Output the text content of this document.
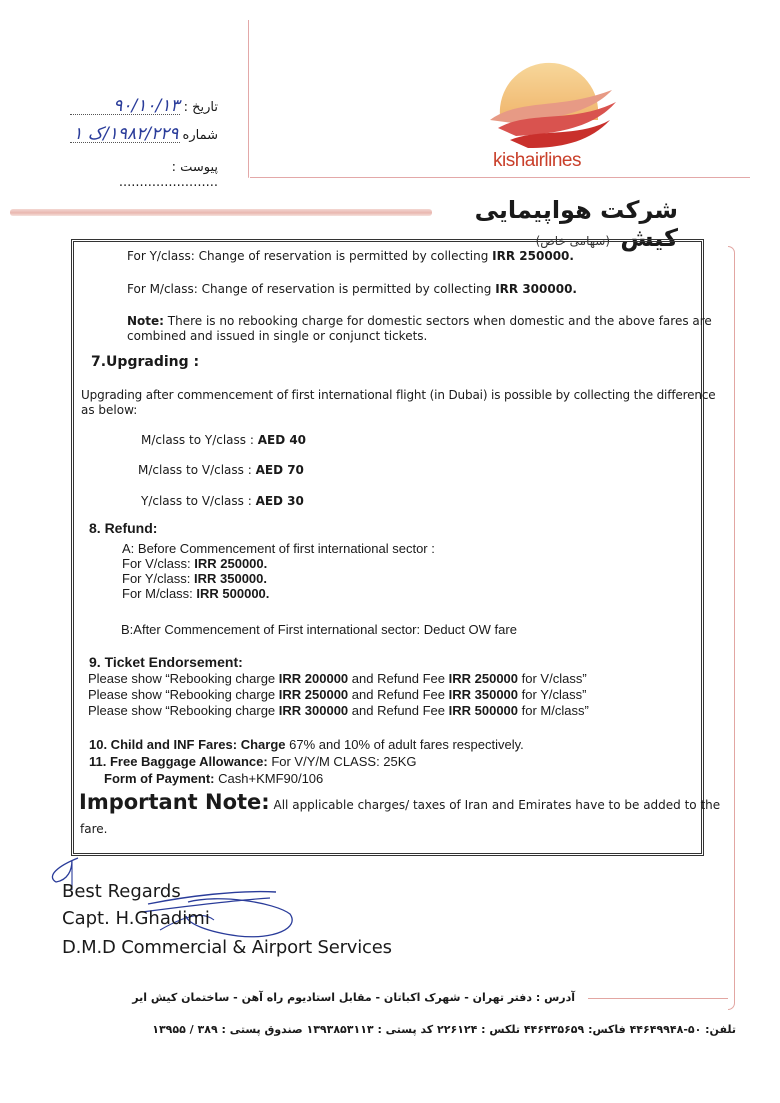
تاریخ : ۹۰/۱۰/۱۳
شماره ۱۹۸۲/۲۲۹/ک ۱
پیوست : ........................
kishairlines
شرکت هواپیمایی کیش
(سهامی خاص)
For Y/class: Change of reservation is permitted by collecting IRR 250000.
For M/class: Change of reservation is permitted by collecting IRR 300000.
Note: There is no rebooking charge for domestic sectors when domestic and the above fares are
combined and issued in single or conjunct tickets.
7.Upgrading :
Upgrading after commencement of first international flight (in Dubai) is possible by collecting the difference
as below:
M/class to Y/class : AED 40
M/class to V/class : AED 70
Y/class to V/class : AED 30
8. Refund:
A: Before Commencement of first international sector :
For V/class: IRR 250000.
For Y/class: IRR 350000.
For M/class: IRR 500000.
B:After Commencement of First international sector: Deduct OW fare
9. Ticket Endorsement:
Please show “Rebooking charge IRR 200000 and Refund Fee IRR 250000 for V/class”
Please show “Rebooking charge IRR 250000 and Refund Fee IRR 350000 for Y/class”
Please show “Rebooking charge IRR 300000 and Refund Fee IRR 500000 for M/class”
10. Child and INF Fares: Charge 67% and 10% of adult fares respectively.
11. Free Baggage Allowance: For V/Y/M CLASS: 25KG
Form of Payment: Cash+KMF90/106
Important Note: All applicable charges/ taxes of Iran and Emirates have to be added to the
fare.
Best Regards
Capt. H.Ghadimi
D.M.D Commercial & Airport Services
آدرس : دفتر تهران - شهرک اکباتان - مقابل استادیوم راه آهن - ساختمان کیش ایر
تلفن: ۵۰-۴۴۶۴۹۹۴۸ فاکس: ۴۴۶۴۳۵۶۵۹ تلکس : ۲۲۶۱۲۴ کد پستی : ۱۳۹۳۸۵۳۱۱۳ صندوق پستی : ۳۸۹ / ۱۳۹۵۵
